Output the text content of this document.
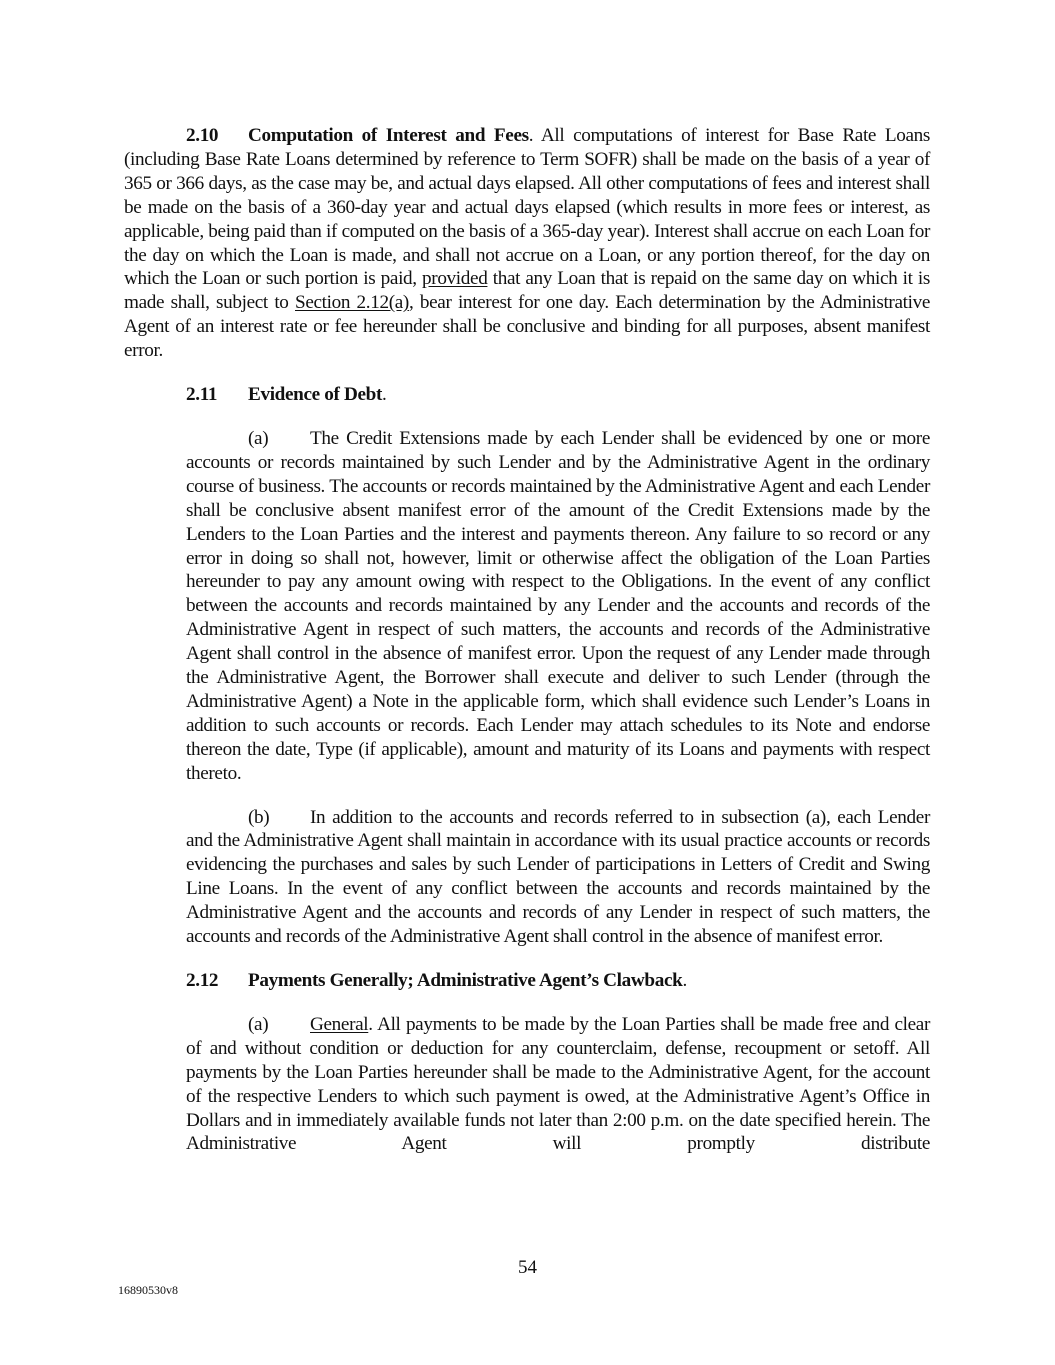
2.10 Computation of Interest and Fees. All computations of interest for Base Rate Loans (including Base Rate Loans determined by reference to Term SOFR) shall be made on the basis of a year of 365 or 366 days, as the case may be, and actual days elapsed. All other computations of fees and interest shall be made on the basis of a 360-day year and actual days elapsed (which results in more fees or interest, as applicable, being paid than if computed on the basis of a 365-day year). Interest shall accrue on each Loan for the day on which the Loan is made, and shall not accrue on a Loan, or any portion thereof, for the day on which the Loan or such portion is paid, provided that any Loan that is repaid on the same day on which it is made shall, subject to Section 2.12(a), bear interest for one day. Each determination by the Administrative Agent of an interest rate or fee hereunder shall be conclusive and binding for all purposes, absent manifest error.

2.11 Evidence of Debt.

(a) The Credit Extensions made by each Lender shall be evidenced by one or more accounts or records maintained by such Lender and by the Administrative Agent in the ordinary course of business. The accounts or records maintained by the Administrative Agent and each Lender shall be conclusive absent manifest error of the amount of the Credit Extensions made by the Lenders to the Loan Parties and the interest and payments thereon. Any failure to so record or any error in doing so shall not, however, limit or otherwise affect the obligation of the Loan Parties hereunder to pay any amount owing with respect to the Obligations. In the event of any conflict between the accounts and records maintained by any Lender and the accounts and records of the Administrative Agent in respect of such matters, the accounts and records of the Administrative Agent shall control in the absence of manifest error. Upon the request of any Lender made through the Administrative Agent, the Borrower shall execute and deliver to such Lender (through the Administrative Agent) a Note in the applicable form, which shall evidence such Lender’s Loans in addition to such accounts or records. Each Lender may attach schedules to its Note and endorse thereon the date, Type (if applicable), amount and maturity of its Loans and payments with respect thereto.

(b) In addition to the accounts and records referred to in subsection (a), each Lender and the Administrative Agent shall maintain in accordance with its usual practice accounts or records evidencing the purchases and sales by such Lender of participations in Letters of Credit and Swing Line Loans. In the event of any conflict between the accounts and records maintained by the Administrative Agent and the accounts and records of any Lender in respect of such matters, the accounts and records of the Administrative Agent shall control in the absence of manifest error.

2.12 Payments Generally; Administrative Agent’s Clawback.

(a) General. All payments to be made by the Loan Parties shall be made free and clear of and without condition or deduction for any counterclaim, defense, recoupment or setoff. All payments by the Loan Parties hereunder shall be made to the Administrative Agent, for the account of the respective Lenders to which such payment is owed, at the Administrative Agent’s Office in Dollars and in immediately available funds not later than 2:00 p.m. on the date specified herein. The Administrative Agent will promptly distribute

54
16890530v8
